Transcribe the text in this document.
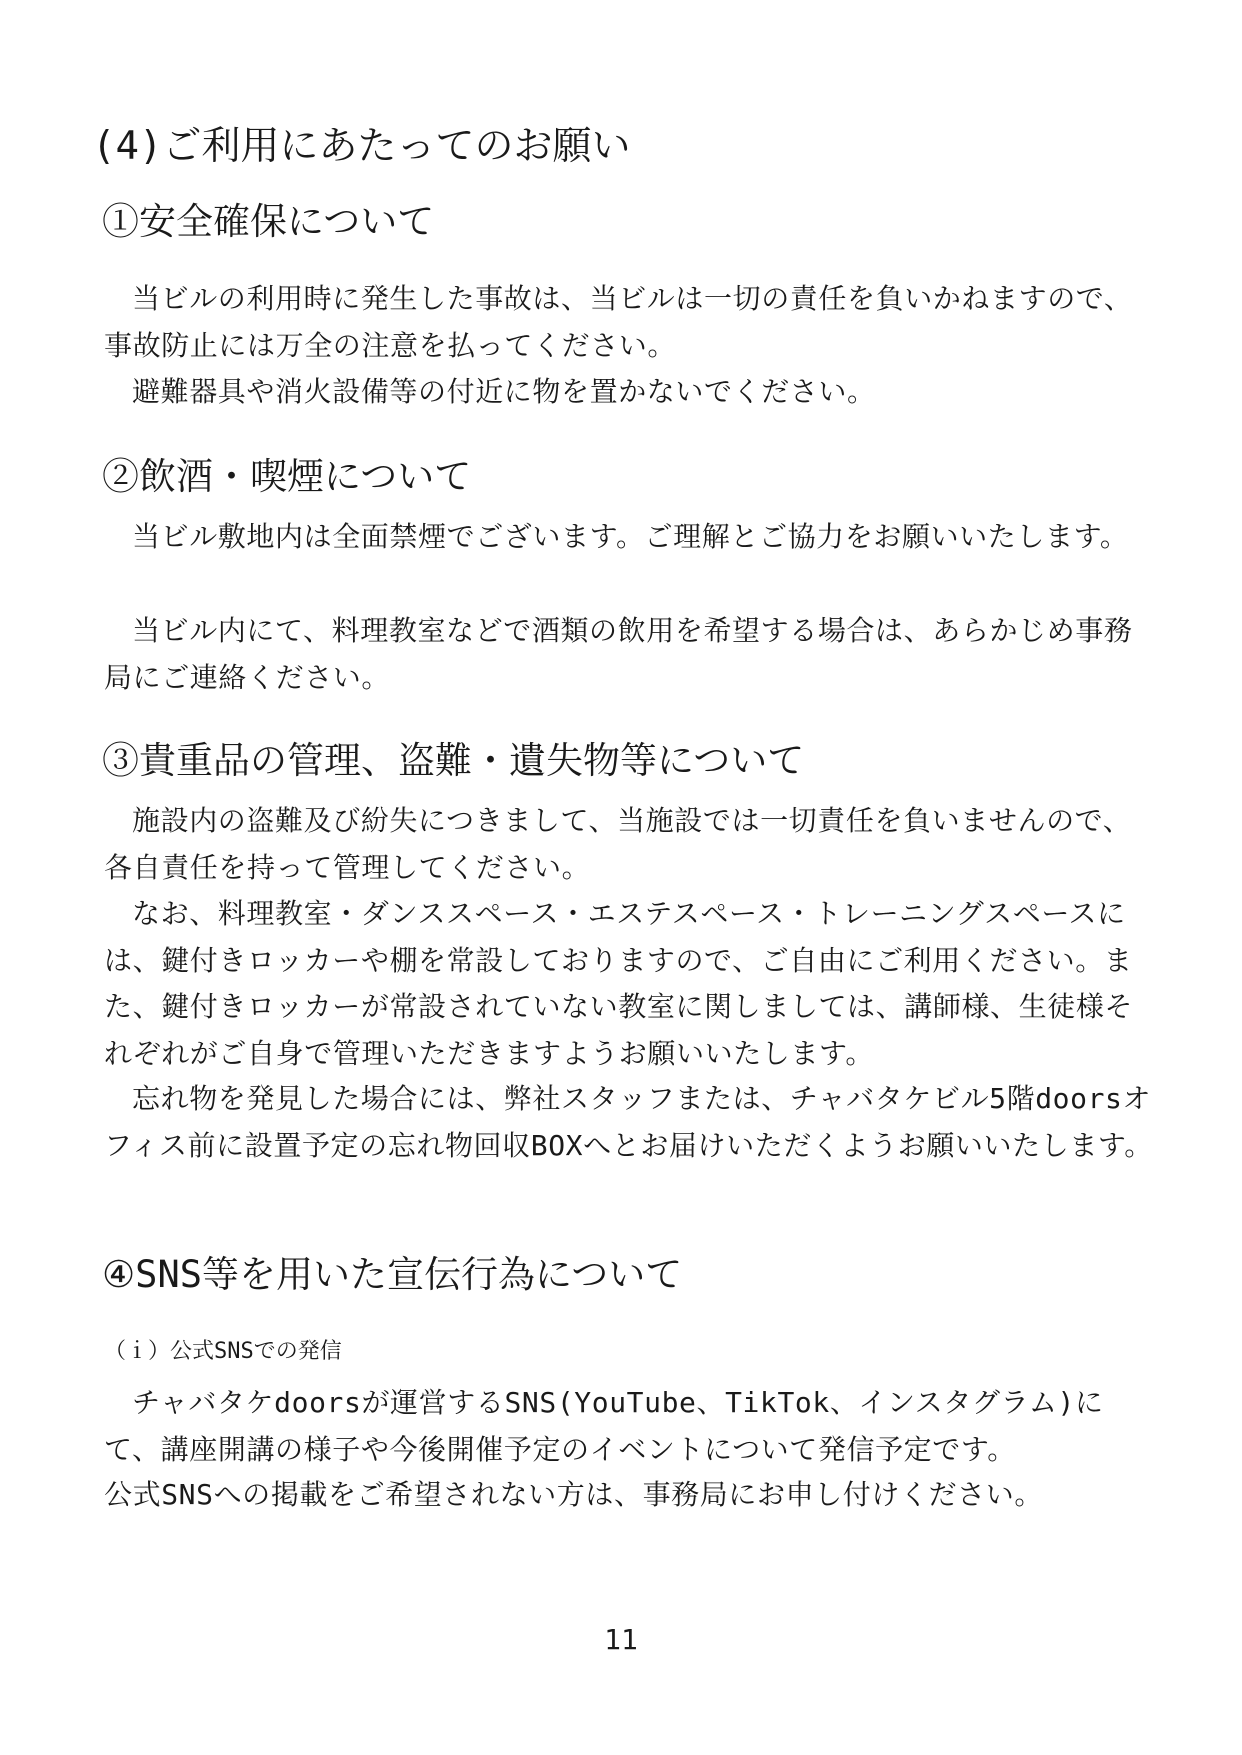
(4)ご利用にあたってのお願い
①安全確保について

当ビルの利用時に発生した事故は、当ビルは一切の責任を負いかねますので、事故防止には万全の注意を払ってください。

避難器具や消火設備等の付近に物を置かないでください。

②飲酒・喫煙について

当ビル敷地内は全面禁煙でございます。ご理解とご協力をお願いいたします。

当ビル内にて、料理教室などで酒類の飲用を希望する場合は、あらかじめ事務局にご連絡ください。

③貴重品の管理、盗難・遺失物等について

施設内の盗難及び紛失につきまして、当施設では一切責任を負いませんので、各自責任を持って管理してください。

なお、料理教室・ダンススペース・エステスペース・トレーニングスペースには、鍵付きロッカーや棚を常設しておりますので、ご自由にご利用ください。また、鍵付きロッカーが常設されていない教室に関しましては、講師様、生徒様それぞれがご自身で管理いただきますようお願いいたします。

忘れ物を発見した場合には、弊社スタッフまたは、チャバタケビル5階doorsオフィス前に設置予定の忘れ物回収BOXへとお届けいただくようお願いいたします。

④SNS等を用いた宣伝行為について
（ｉ）公式SNSでの発信

チャバタケdoorsが運営するSNS(YouTube、TikTok、インスタグラム)にて、講座開講の様子や今後開催予定のイベントについて発信予定です。

公式SNSへの掲載をご希望されない方は、事務局にお申し付けください。

11
